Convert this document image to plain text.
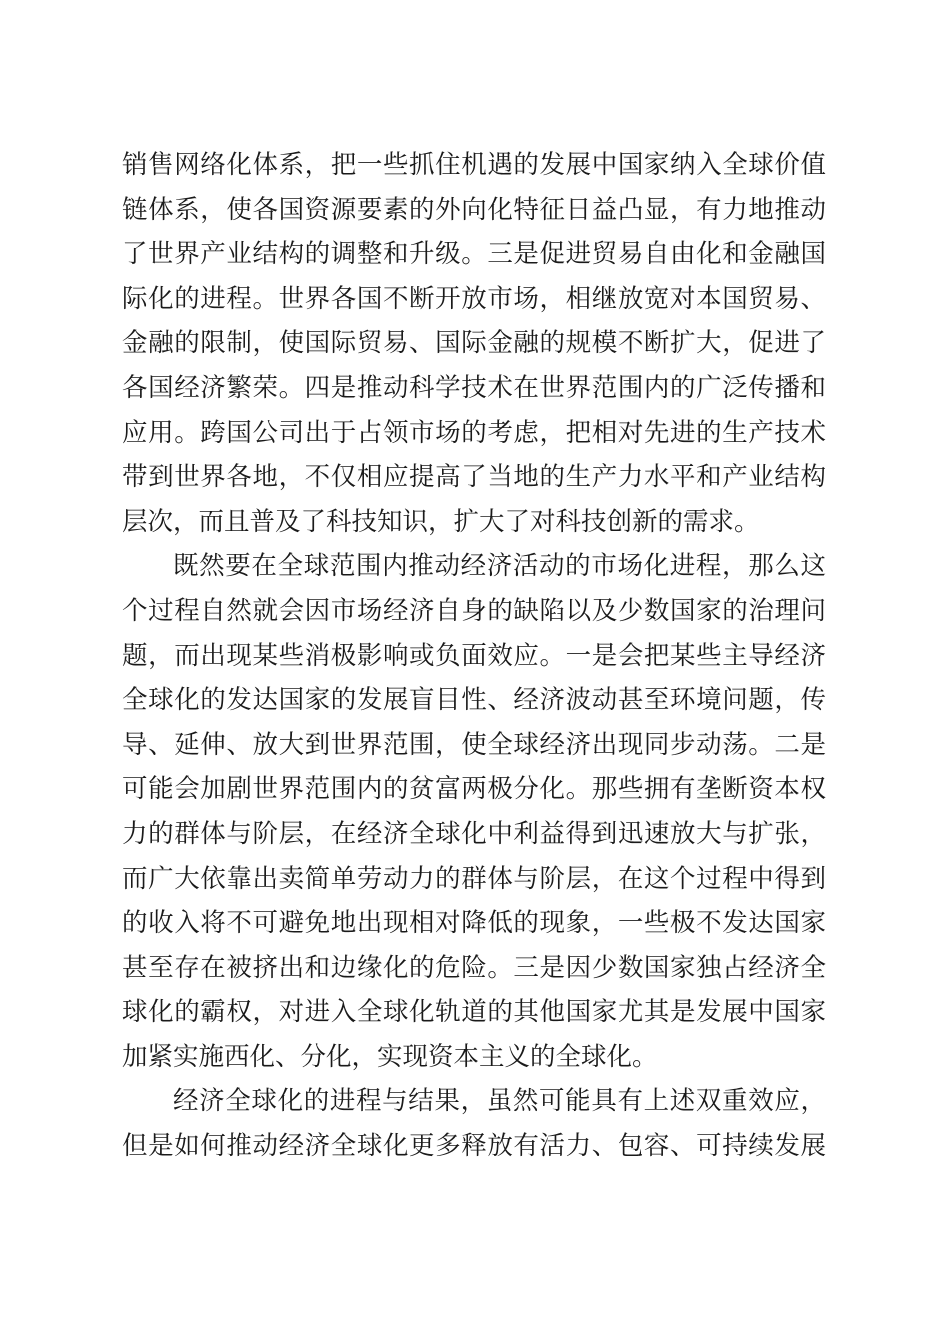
销售网络化体系，把一些抓住机遇的发展中国家纳入全球价值
链体系，使各国资源要素的外向化特征日益凸显，有力地推动
了世界产业结构的调整和升级。三是促进贸易自由化和金融国
际化的进程。世界各国不断开放市场，相继放宽对本国贸易、
金融的限制，使国际贸易、国际金融的规模不断扩大，促进了
各国经济繁荣。四是推动科学技术在世界范围内的广泛传播和
应用。跨国公司出于占领市场的考虑，把相对先进的生产技术
带到世界各地，不仅相应提高了当地的生产力水平和产业结构
层次，而且普及了科技知识，扩大了对科技创新的需求。
既然要在全球范围内推动经济活动的市场化进程，那么这
个过程自然就会因市场经济自身的缺陷以及少数国家的治理问
题，而出现某些消极影响或负面效应。一是会把某些主导经济
全球化的发达国家的发展盲目性、经济波动甚至环境问题，传
导、延伸、放大到世界范围，使全球经济出现同步动荡。二是
可能会加剧世界范围内的贫富两极分化。那些拥有垄断资本权
力的群体与阶层，在经济全球化中利益得到迅速放大与扩张，
而广大依靠出卖简单劳动力的群体与阶层，在这个过程中得到
的收入将不可避免地出现相对降低的现象，一些极不发达国家
甚至存在被挤出和边缘化的危险。三是因少数国家独占经济全
球化的霸权，对进入全球化轨道的其他国家尤其是发展中国家
加紧实施西化、分化，实现资本主义的全球化。
经济全球化的进程与结果，虽然可能具有上述双重效应，
但是如何推动经济全球化更多释放有活力、包容、可持续发展
